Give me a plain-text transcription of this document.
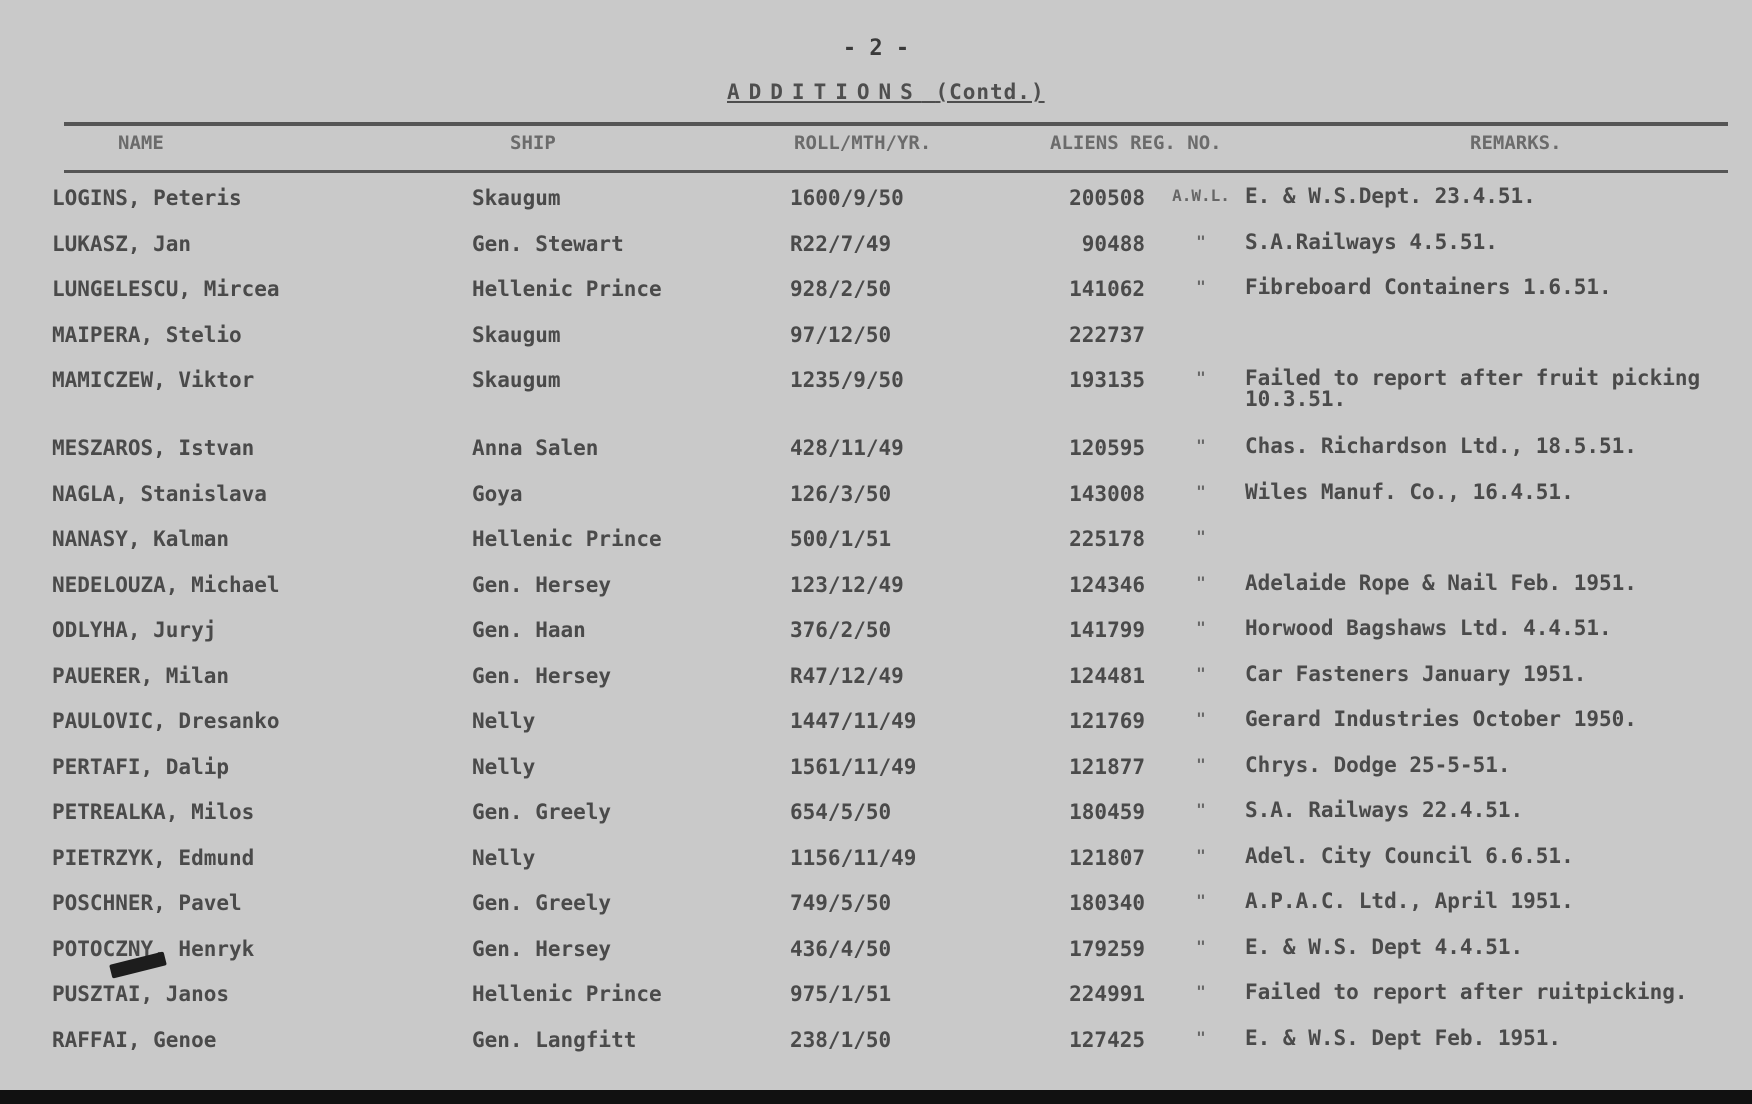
- 2 -
ADDITIONS (Contd.)
NAME	SHIP	ROLL/MTH/YR.	ALIENS REG. NO.	REMARKS.
LOGINS, Peteris	Skaugum	1600/9/50	200508	A.W.L.	E. & W.S.Dept. 23.4.51.
LUKASZ, Jan	Gen. Stewart	R22/7/49	90488	"	S.A.Railways 4.5.51.
LUNGELESCU, Mircea	Hellenic Prince	928/2/50	141062	"	Fibreboard Containers 1.6.51.
MAIPERA, Stelio	Skaugum	97/12/50	222737		
MAMICZEW, Viktor	Skaugum	1235/9/50	193135	"	Failed to report after fruit picking 10.3.51.
MESZAROS, Istvan	Anna Salen	428/11/49	120595	"	Chas. Richardson Ltd., 18.5.51.
NAGLA, Stanislava	Goya	126/3/50	143008	"	Wiles Manuf. Co., 16.4.51.
NANASY, Kalman	Hellenic Prince	500/1/51	225178	"	
NEDELOUZA, Michael	Gen. Hersey	123/12/49	124346	"	Adelaide Rope & Nail Feb. 1951.
ODLYHA, Juryj	Gen. Haan	376/2/50	141799	"	Horwood Bagshaws Ltd. 4.4.51.
PAUERER, Milan	Gen. Hersey	R47/12/49	124481	"	Car Fasteners January 1951.
PAULOVIC, Dresanko	Nelly	1447/11/49	121769	"	Gerard Industries October 1950.
PERTAFI, Dalip	Nelly	1561/11/49	121877	"	Chrys. Dodge 25-5-51.
PETREALKA, Milos	Gen. Greely	654/5/50	180459	"	S.A. Railways 22.4.51.
PIETRZYK, Edmund	Nelly	1156/11/49	121807	"	Adel. City Council 6.6.51.
POSCHNER, Pavel	Gen. Greely	749/5/50	180340	"	A.P.A.C. Ltd., April 1951.
POTOCZNY, Henryk	Gen. Hersey	436/4/50	179259	"	E. & W.S. Dept 4.4.51.
PUSZTAI, Janos	Hellenic Prince	975/1/51	224991	"	Failed to report after ruitpicking.
RAFFAI, Genoe	Gen. Langfitt	238/1/50	127425	"	E. & W.S. Dept Feb. 1951.
